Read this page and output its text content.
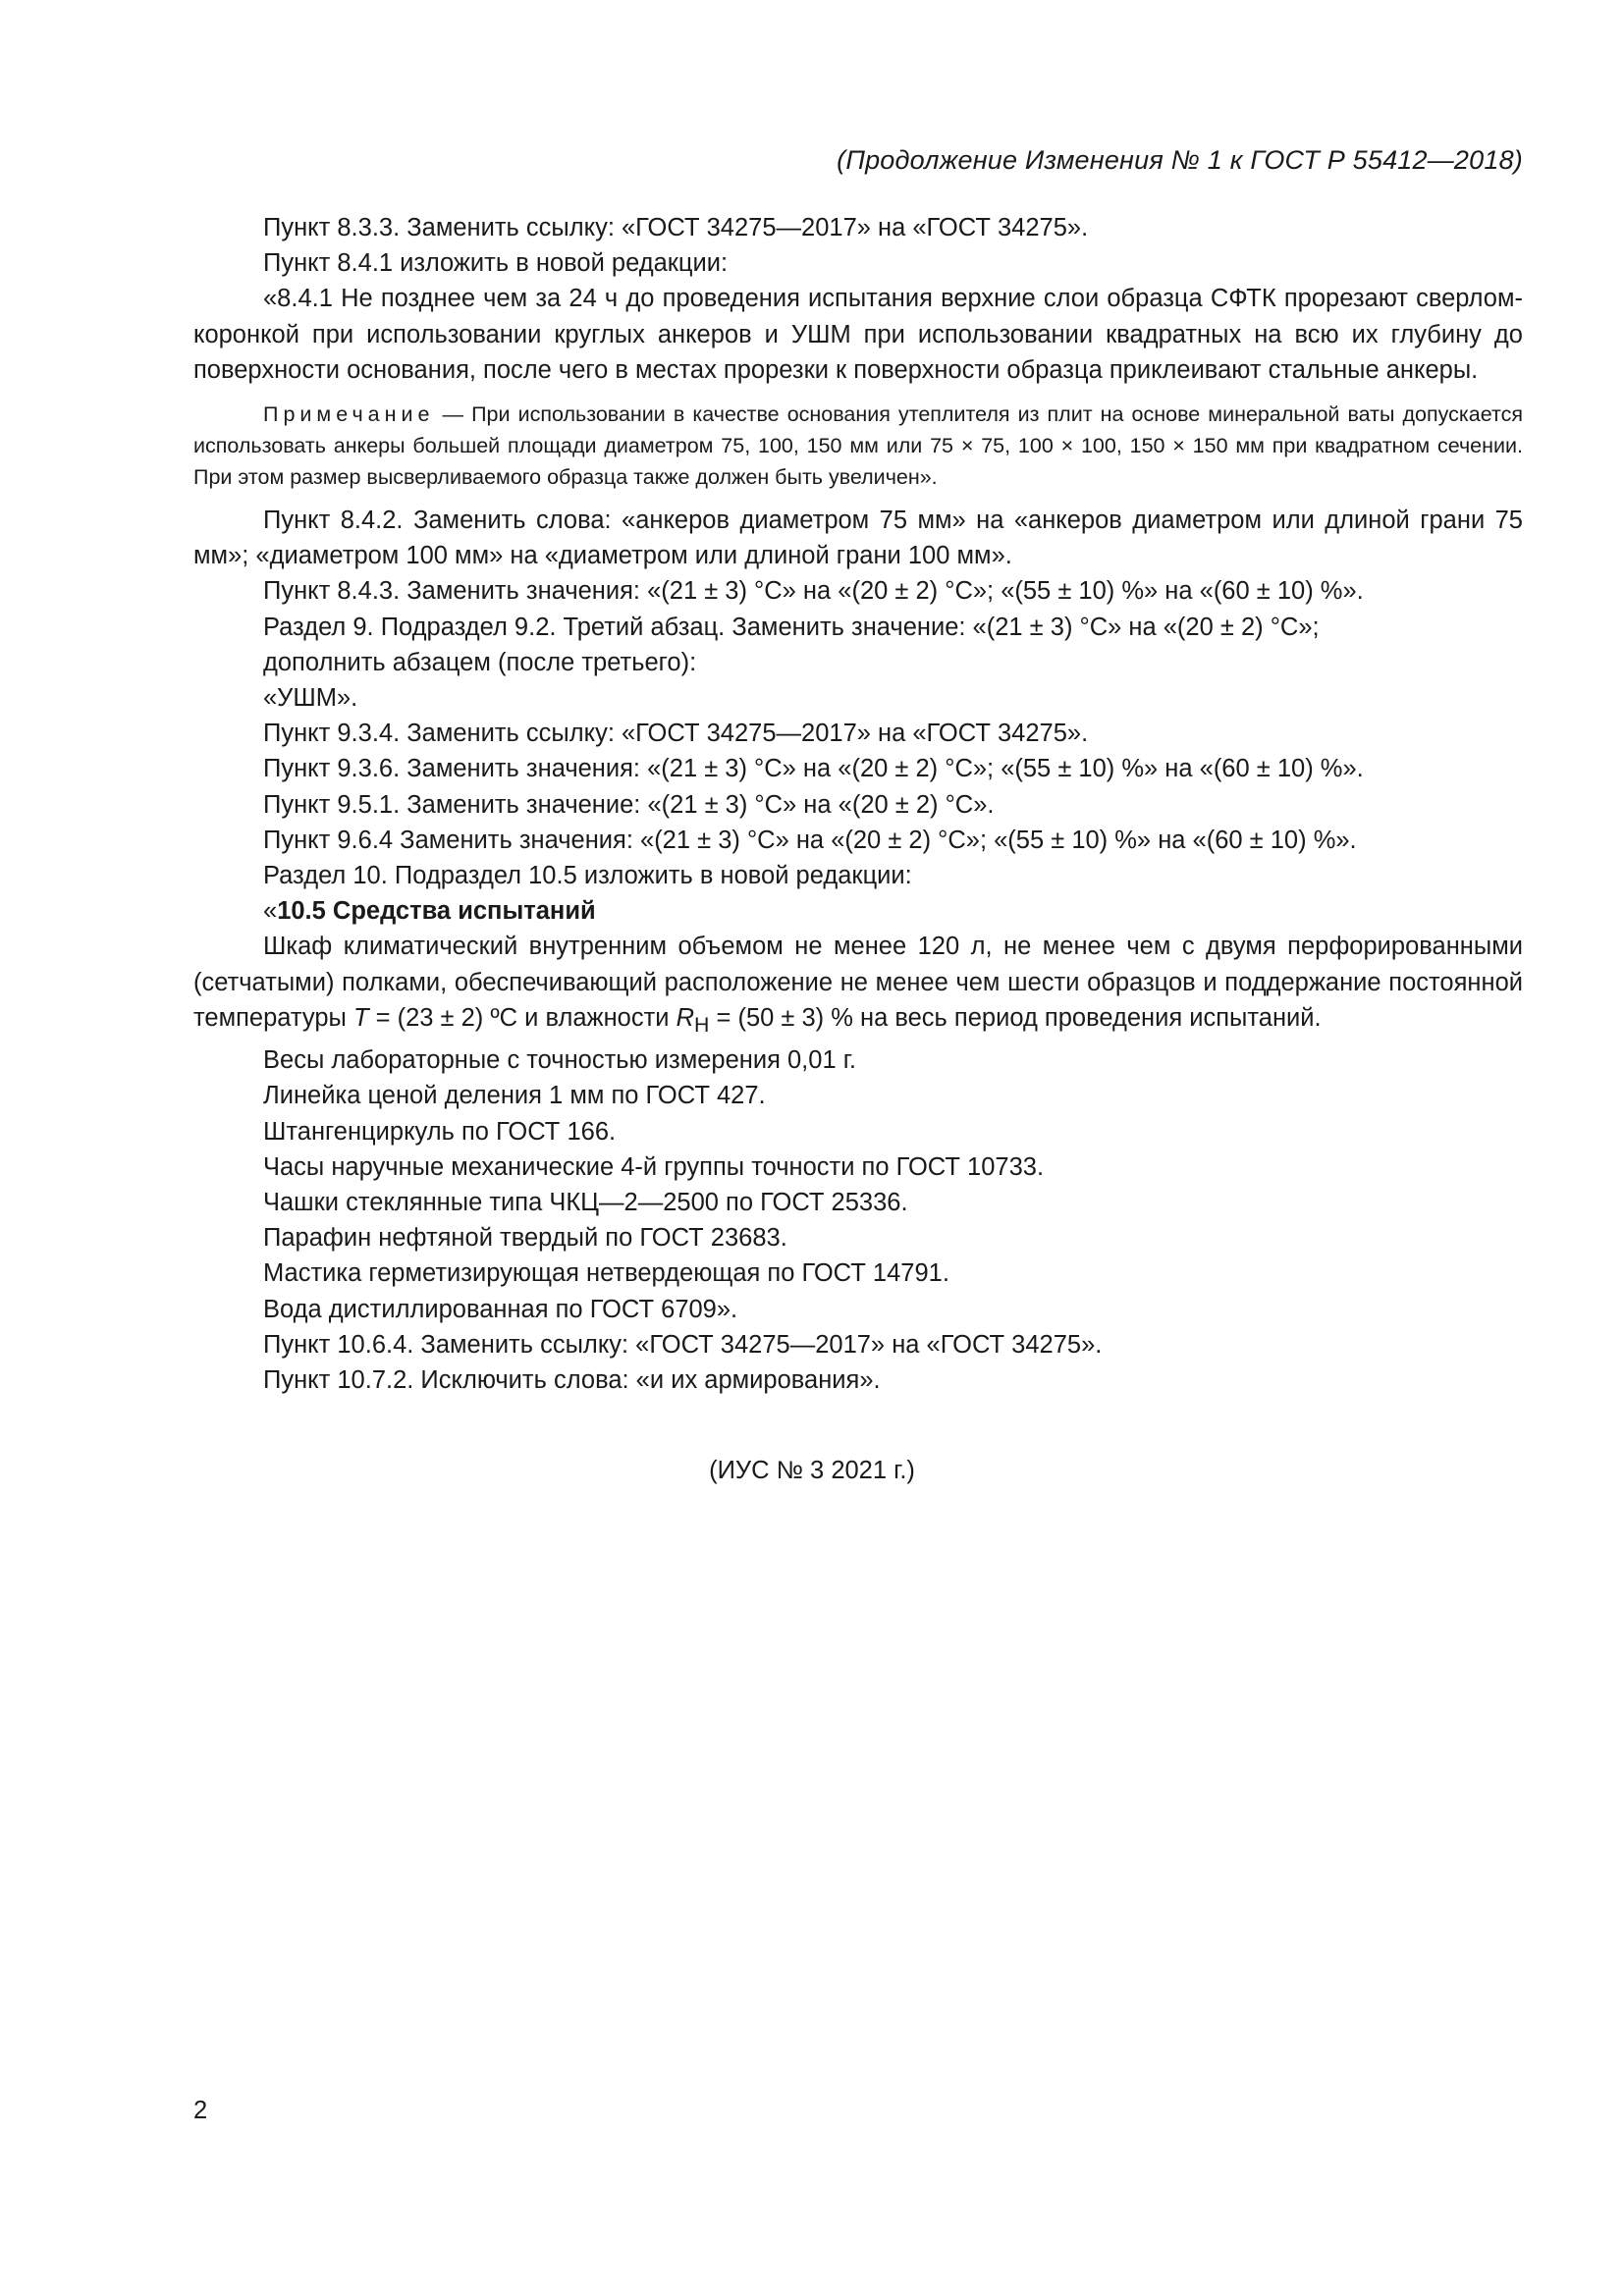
(Продолжение Изменения № 1 к ГОСТ Р 55412—2018)

Пункт 8.3.3. Заменить ссылку: «ГОСТ 34275—2017» на «ГОСТ 34275».

Пункт 8.4.1 изложить в новой редакции:

«8.4.1 Не позднее чем за 24 ч до проведения испытания верхние слои образца СФТК прорезают сверлом-коронкой при использовании круглых анкеров и УШМ при использовании квадратных на всю их глубину до поверхности основания, после чего в местах прорезки к поверхности образца приклеивают стальные анкеры.

Примечание — При использовании в качестве основания утеплителя из плит на основе минеральной ваты допускается использовать анкеры большей площади диаметром 75, 100, 150 мм или 75 × 75, 100 × 100, 150 × 150 мм при квадратном сечении. При этом размер высверливаемого образца также должен быть увеличен».

Пункт 8.4.2. Заменить слова: «анкеров диаметром 75 мм» на «анкеров диаметром или длиной грани 75 мм»; «диаметром 100 мм» на «диаметром или длиной грани 100 мм».

Пункт 8.4.3. Заменить значения: «(21 ± 3) °С» на «(20 ± 2) °С»; «(55 ± 10) %» на «(60 ± 10) %».

Раздел 9. Подраздел 9.2. Третий абзац. Заменить значение: «(21 ± 3) °С» на «(20 ± 2) °С»;

дополнить абзацем (после третьего):

«УШМ».

Пункт 9.3.4. Заменить ссылку: «ГОСТ 34275—2017» на «ГОСТ 34275».

Пункт 9.3.6. Заменить значения: «(21 ± 3) °С» на «(20 ± 2) °С»; «(55 ± 10) %» на «(60 ± 10) %».

Пункт 9.5.1. Заменить значение: «(21 ± 3) °С» на «(20 ± 2) °С».

Пункт 9.6.4 Заменить значения: «(21 ± 3) °С» на «(20 ± 2) °С»; «(55 ± 10) %» на «(60 ± 10) %».

Раздел 10. Подраздел 10.5 изложить в новой редакции:

«10.5 Средства испытаний

Шкаф климатический внутренним объемом не менее 120 л, не менее чем с двумя перфорированными (сетчатыми) полками, обеспечивающий расположение не менее чем шести образцов и поддержание постоянной температуры T = (23 ± 2) ºС и влажности $R_H = (50 \pm 3)$ % на весь период проведения испытаний.

Весы лабораторные с точностью измерения 0,01 г.

Линейка ценой деления 1 мм по ГОСТ 427.

Штангенциркуль по ГОСТ 166.

Часы наручные механические 4-й группы точности по ГОСТ 10733.

Чашки стеклянные типа ЧКЦ—2—2500 по ГОСТ 25336.

Парафин нефтяной твердый по ГОСТ 23683.

Мастика герметизирующая нетвердеющая по ГОСТ 14791.

Вода дистиллированная по ГОСТ 6709».

Пункт 10.6.4. Заменить ссылку: «ГОСТ 34275—2017» на «ГОСТ 34275».

Пункт 10.7.2. Исключить слова: «и их армирования».

(ИУС № 3 2021 г.)
2
